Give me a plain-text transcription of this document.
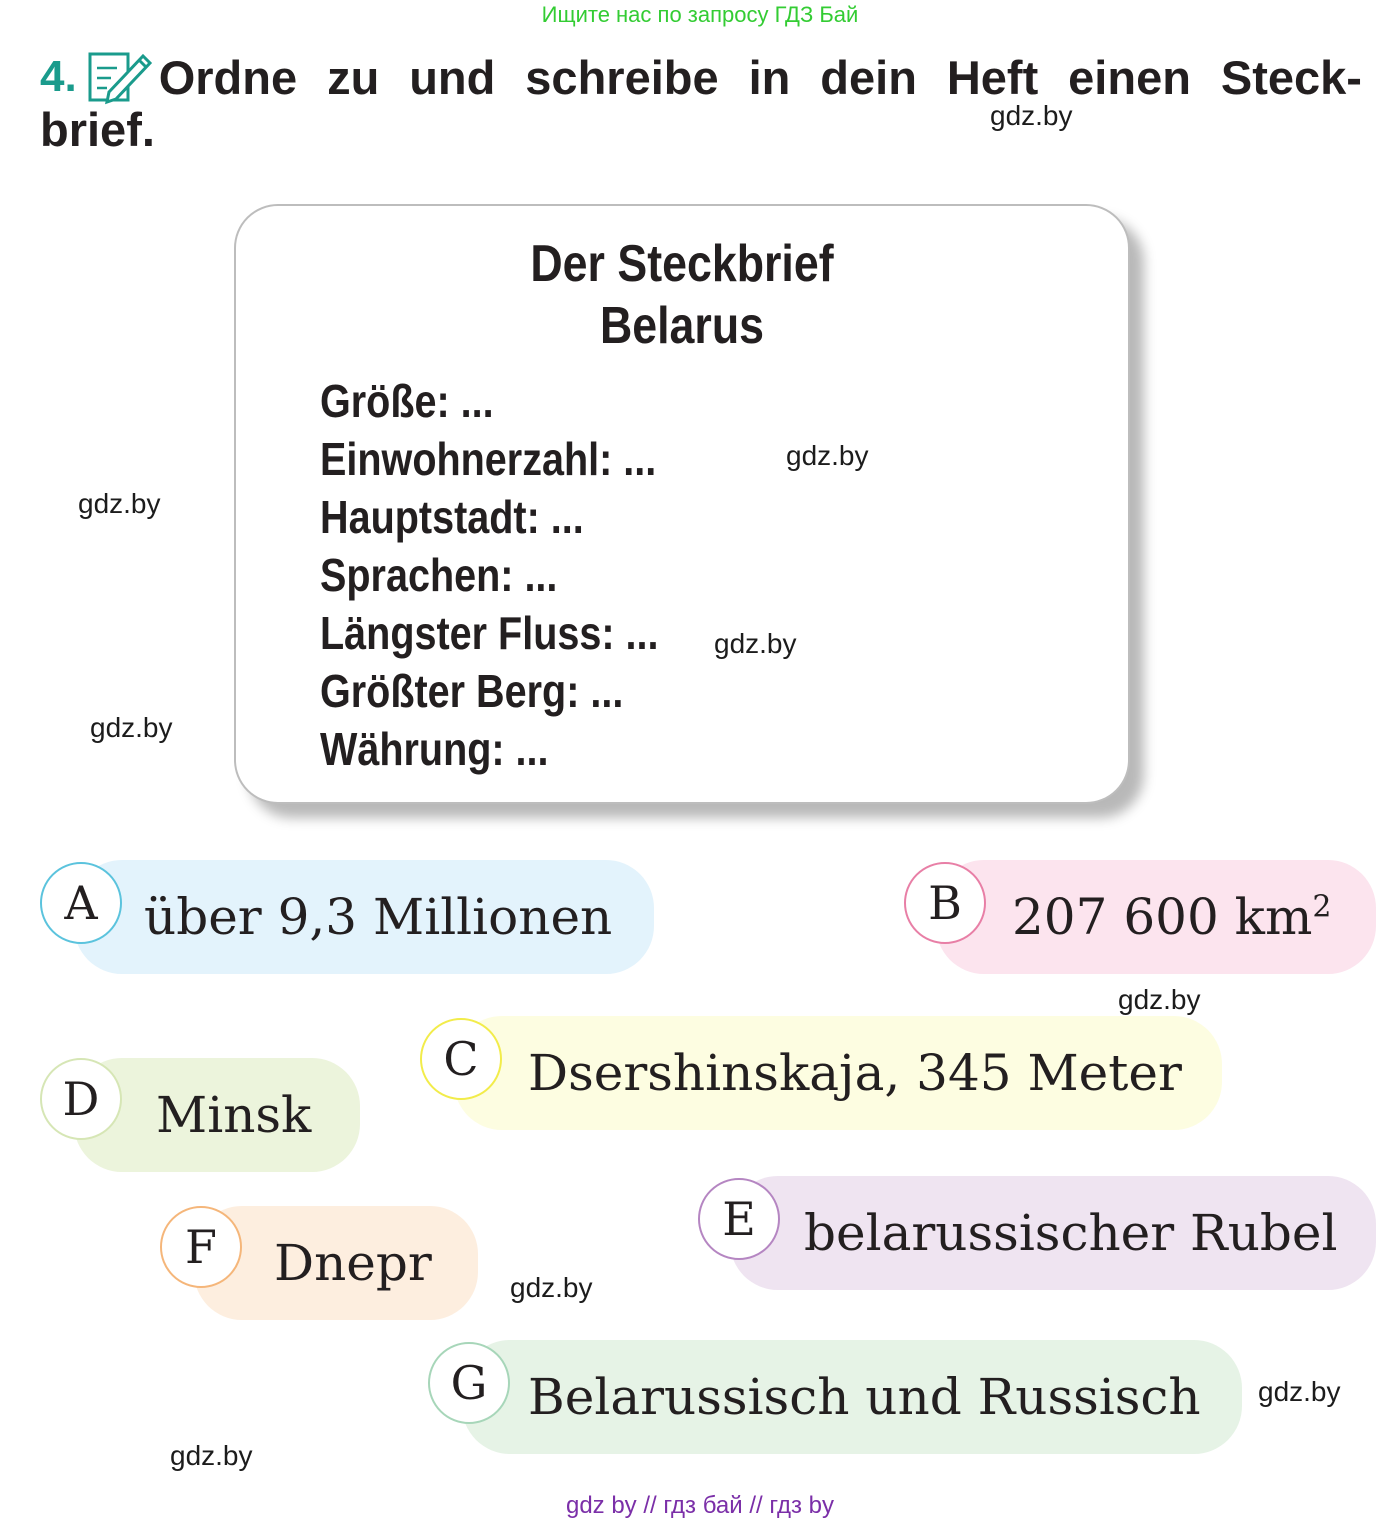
Ищите нас по запросу ГДЗ Бай
4. Ordne zu und schreibe in dein Heft einen Steck-
brief.
Der Steckbrief
Belarus
Größe: ...
Einwohnerzahl: ...
Hauptstadt: ...
Sprachen: ...
Längster Fluss: ...
Größter Berg: ...
Währung: ...
über 9,3 Millionen
A	207 600 $km^2$
B
Dsershinskaja, 345 Meter
C
Minsk
D
belarussischer Rubel
E
Dnepr
F
Belarussisch und Russisch
G
gdz.by
gdz.by
gdz.by
gdz.by
gdz.by
gdz.by
gdz.by
gdz.by
gdz.by
gdz by // гдз бай // гдз by
